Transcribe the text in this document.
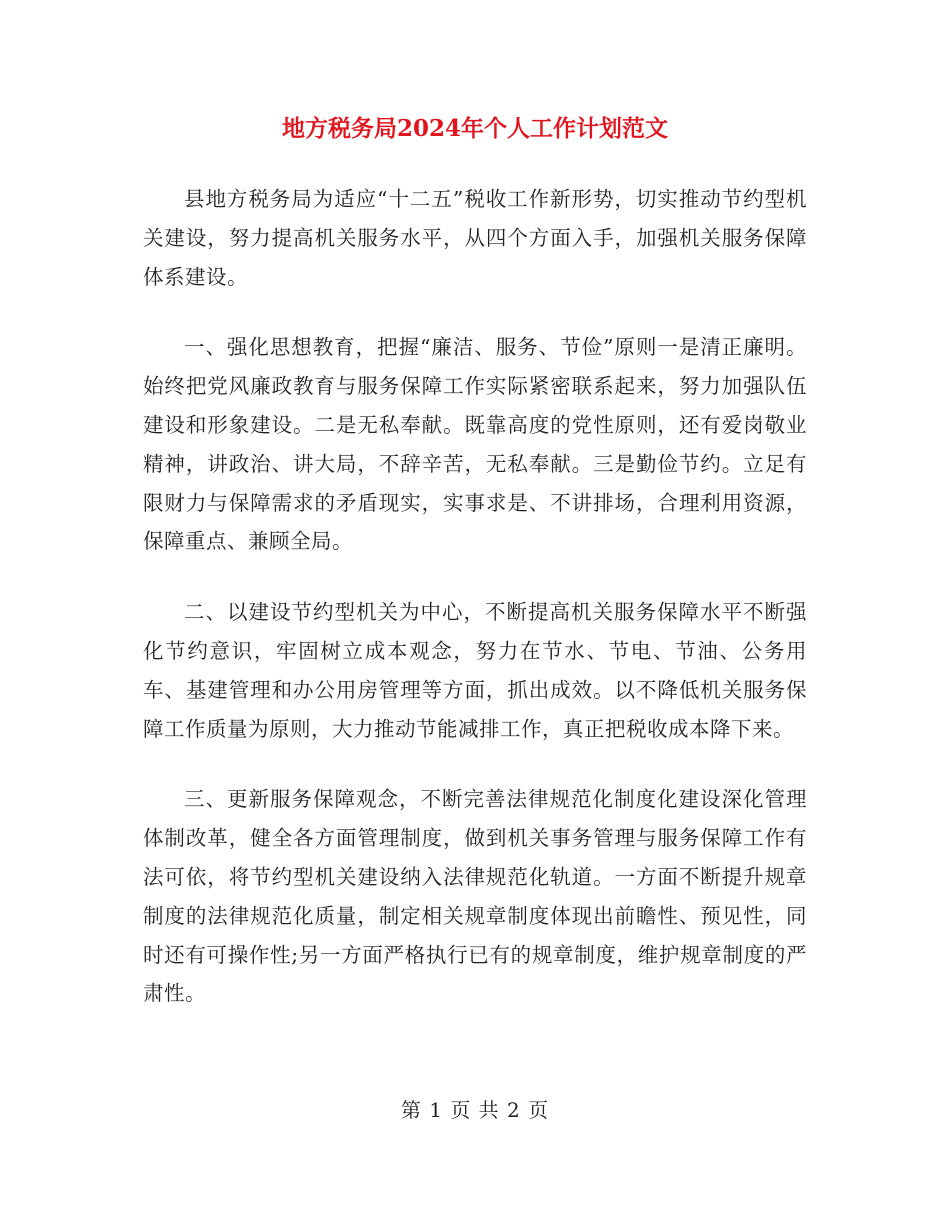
地方税务局2024年个人工作计划范文

县地方税务局为适应“十二五”税收工作新形势，切实推动节约型机关建设，努力提高机关服务水平，从四个方面入手，加强机关服务保障体系建设。

一、强化思想教育，把握“廉洁、服务、节俭”原则一是清正廉明。始终把党风廉政教育与服务保障工作实际紧密联系起来，努力加强队伍建设和形象建设。二是无私奉献。既靠高度的党性原则，还有爱岗敬业精神，讲政治、讲大局，不辞辛苦，无私奉献。三是勤俭节约。立足有限财力与保障需求的矛盾现实，实事求是、不讲排场，合理利用资源，保障重点、兼顾全局。

二、以建设节约型机关为中心，不断提高机关服务保障水平不断强化节约意识，牢固树立成本观念，努力在节水、节电、节油、公务用车、基建管理和办公用房管理等方面，抓出成效。以不降低机关服务保障工作质量为原则，大力推动节能减排工作，真正把税收成本降下来。

三、更新服务保障观念，不断完善法律规范化制度化建设深化管理体制改革，健全各方面管理制度，做到机关事务管理与服务保障工作有法可依，将节约型机关建设纳入法律规范化轨道。一方面不断提升规章制度的法律规范化质量，制定相关规章制度体现出前瞻性、预见性，同时还有可操作性;另一方面严格执行已有的规章制度，维护规章制度的严肃性。

第 1 页 共 2 页
